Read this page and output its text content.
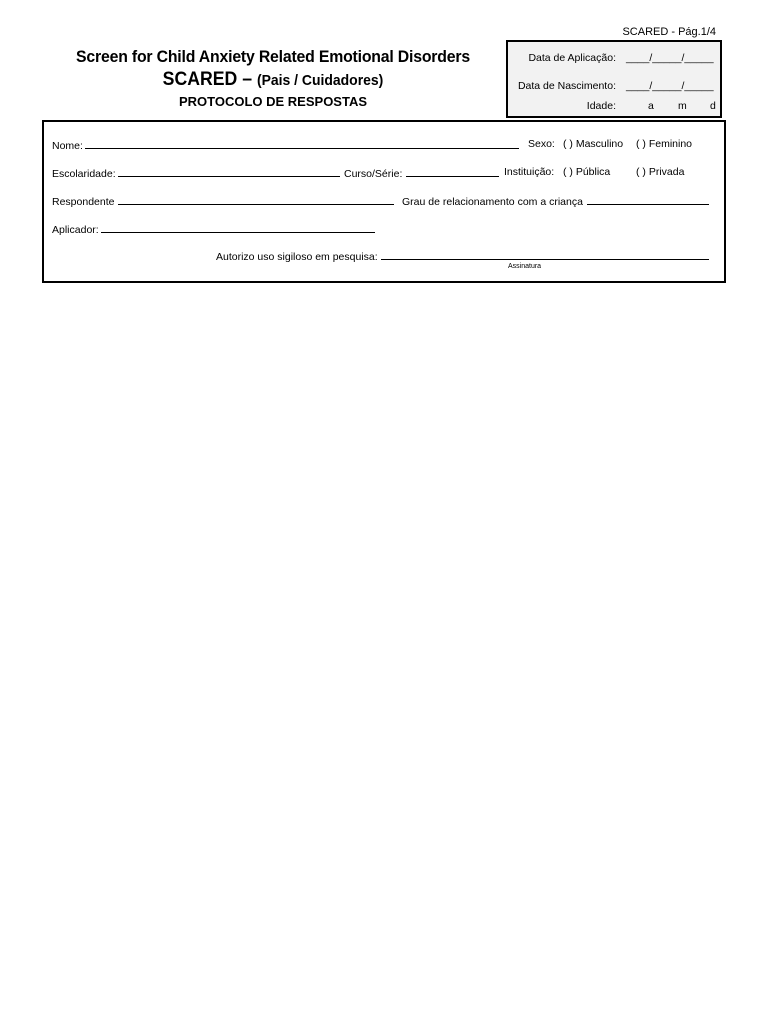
SCARED - Pág.1/4
Screen for Child Anxiety Related Emotional Disorders
SCARED – (Pais / Cuidadores)
PROTOCOLO DE RESPOSTAS
Data de Aplicação: ____/_____/_____
Data de Nascimento: ____/_____/_____
Idade:	a m d
Nome:	Sexo: ( ) Masculino ( ) Feminino
Escolaridade:	Curso/Série:	Instituição: ( ) Pública ( ) Privada
Respondente	Grau de relacionamento com a criança
Aplicador:
Autorizo uso sigiloso em pesquisa:
Assinatura
